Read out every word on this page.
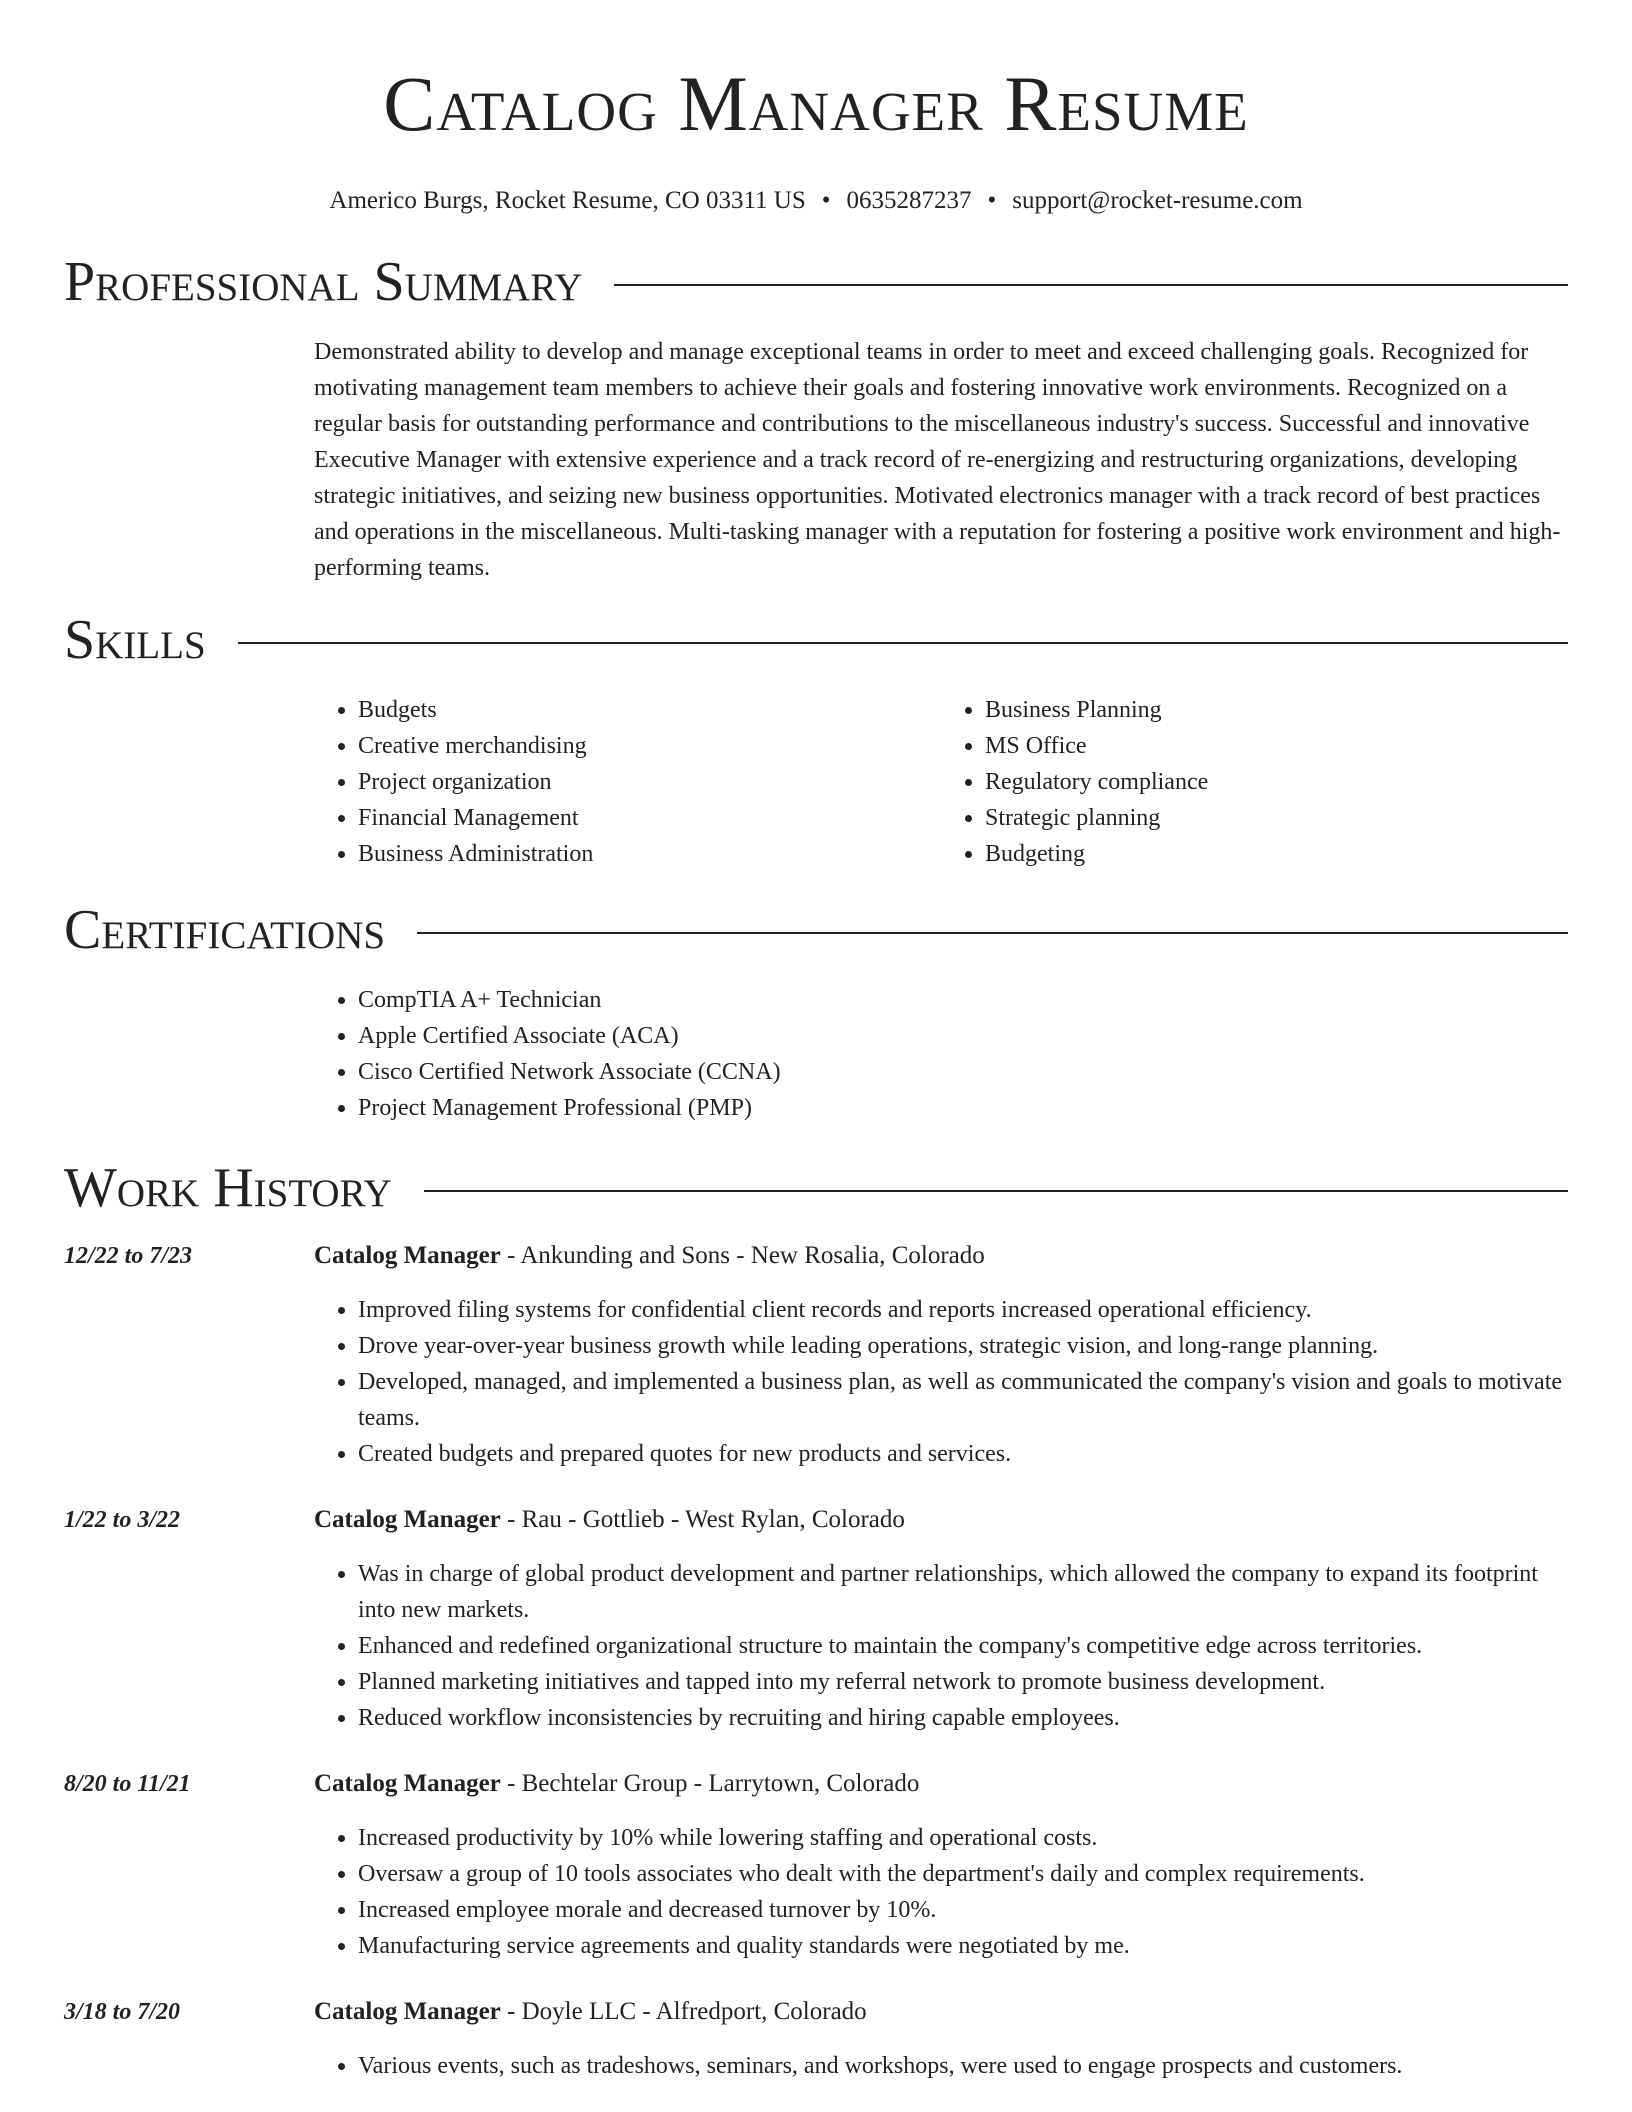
Catalog Manager Resume
Americo Burgs, Rocket Resume, CO 03311 US • 0635287237 • support@rocket-resume.com
Professional Summary

Demonstrated ability to develop and manage exceptional teams in order to meet and exceed challenging goals. Recognized for motivating management team members to achieve their goals and fostering innovative work environments. Recognized on a regular basis for outstanding performance and contributions to the miscellaneous industry's success. Successful and innovative Executive Manager with extensive experience and a track record of re-energizing and restructuring organizations, developing strategic initiatives, and seizing new business opportunities. Motivated electronics manager with a track record of best practices and operations in the miscellaneous. Multi-tasking manager with a reputation for fostering a positive work environment and high-performing teams.

Skills
• Budgets
• Creative merchandising
• Project organization
• Financial Management
• Business Administration
• Business Planning
• MS Office
• Regulatory compliance
• Strategic planning
• Budgeting
Certifications
• CompTIA A+ Technician
• Apple Certified Associate (ACA)
• Cisco Certified Network Associate (CCNA)
• Project Management Professional (PMP)
Work History
12/22 to 7/23	Catalog Manager - Ankunding and Sons - New Rosalia, Colorado
• Improved filing systems for confidential client records and reports increased operational efficiency.
• Drove year-over-year business growth while leading operations, strategic vision, and long-range planning.
• Developed, managed, and implemented a business plan, as well as communicated the company's vision and goals to motivate teams.
• Created budgets and prepared quotes for new products and services.
1/22 to 3/22	Catalog Manager - Rau - Gottlieb - West Rylan, Colorado
• Was in charge of global product development and partner relationships, which allowed the company to expand its footprint into new markets.
• Enhanced and redefined organizational structure to maintain the company's competitive edge across territories.
• Planned marketing initiatives and tapped into my referral network to promote business development.
• Reduced workflow inconsistencies by recruiting and hiring capable employees.
8/20 to 11/21	Catalog Manager - Bechtelar Group - Larrytown, Colorado
• Increased productivity by 10% while lowering staffing and operational costs.
• Oversaw a group of 10 tools associates who dealt with the department's daily and complex requirements.
• Increased employee morale and decreased turnover by 10%.
• Manufacturing service agreements and quality standards were negotiated by me.
3/18 to 7/20	Catalog Manager - Doyle LLC - Alfredport, Colorado
• Various events, such as tradeshows, seminars, and workshops, were used to engage prospects and customers.
